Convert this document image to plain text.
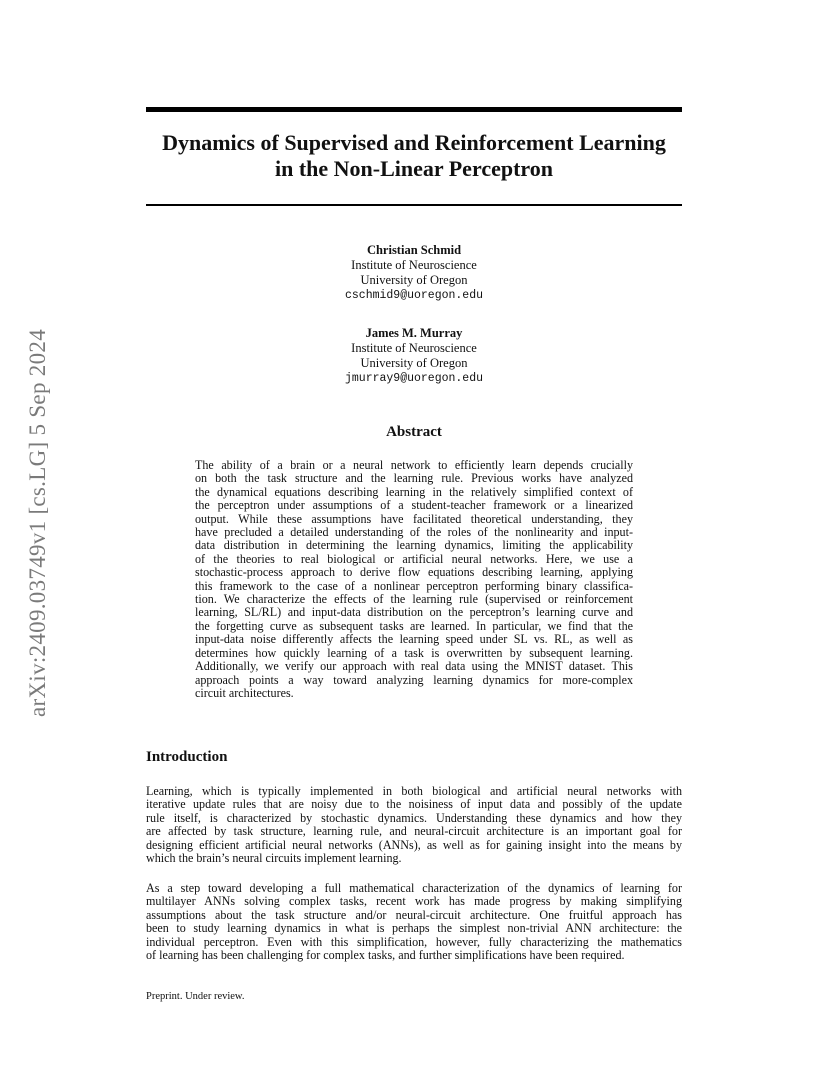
arXiv:2409.03749v1 [cs.LG] 5 Sep 2024
Dynamics of Supervised and Reinforcement Learning
in the Non-Linear Perceptron
Christian Schmid
Institute of Neuroscience
University of Oregon
cschmid9@uoregon.edu
James M. Murray
Institute of Neuroscience
University of Oregon
jmurray9@uoregon.edu
Abstract
The ability of a brain or a neural network to efficiently learn depends crucially
on both the task structure and the learning rule. Previous works have analyzed
the dynamical equations describing learning in the relatively simplified context of
the perceptron under assumptions of a student-teacher framework or a linearized
output. While these assumptions have facilitated theoretical understanding, they
have precluded a detailed understanding of the roles of the nonlinearity and input-
data distribution in determining the learning dynamics, limiting the applicability
of the theories to real biological or artificial neural networks. Here, we use a
stochastic-process approach to derive flow equations describing learning, applying
this framework to the case of a nonlinear perceptron performing binary classifica-
tion. We characterize the effects of the learning rule (supervised or reinforcement
learning, SL/RL) and input-data distribution on the perceptron’s learning curve and
the forgetting curve as subsequent tasks are learned. In particular, we find that the
input-data noise differently affects the learning speed under SL vs. RL, as well as
determines how quickly learning of a task is overwritten by subsequent learning.
Additionally, we verify our approach with real data using the MNIST dataset. This
approach points a way toward analyzing learning dynamics for more-complex
circuit architectures.
Introduction
Learning, which is typically implemented in both biological and artificial neural networks with
iterative update rules that are noisy due to the noisiness of input data and possibly of the update
rule itself, is characterized by stochastic dynamics. Understanding these dynamics and how they
are affected by task structure, learning rule, and neural-circuit architecture is an important goal for
designing efficient artificial neural networks (ANNs), as well as for gaining insight into the means by
which the brain’s neural circuits implement learning.
As a step toward developing a full mathematical characterization of the dynamics of learning for
multilayer ANNs solving complex tasks, recent work has made progress by making simplifying
assumptions about the task structure and/or neural-circuit architecture. One fruitful approach has
been to study learning dynamics in what is perhaps the simplest non-trivial ANN architecture: the
individual perceptron. Even with this simplification, however, fully characterizing the mathematics
of learning has been challenging for complex tasks, and further simplifications have been required.
Preprint. Under review.
